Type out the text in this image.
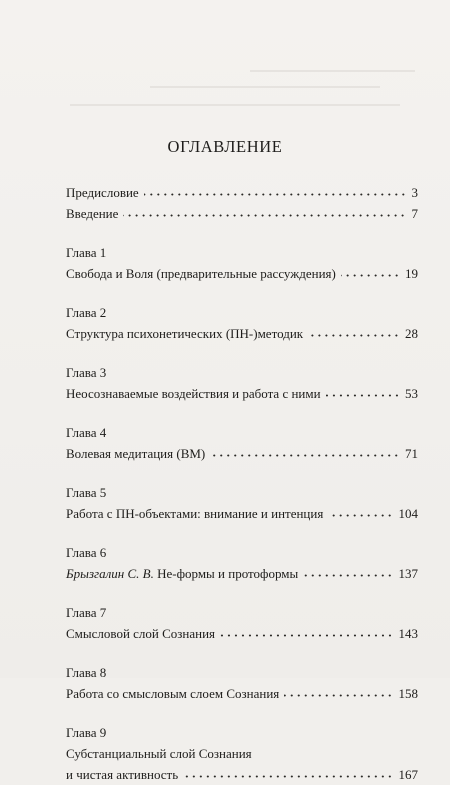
ОГЛАВЛЕНИЕ
Предисловие	3
Введение	7
Глава 1
Свобода и Воля (предварительные рассуждения)	19
Глава 2
Структура психонетических (ПН-)методик	28
Глава 3
Неосознаваемые воздействия и работа с ними	53
Глава 4
Волевая медитация (ВМ)	71
Глава 5
Работа с ПН-объектами: внимание и интенция	104
Глава 6
Брызгалин С. В. Не-формы и протоформы	137
Глава 7
Смысловой слой Сознания	143
Глава 8
Работа со смысловым слоем Сознания	158
Глава 9
Субстанциальный слой Сознания
и чистая активность	167
